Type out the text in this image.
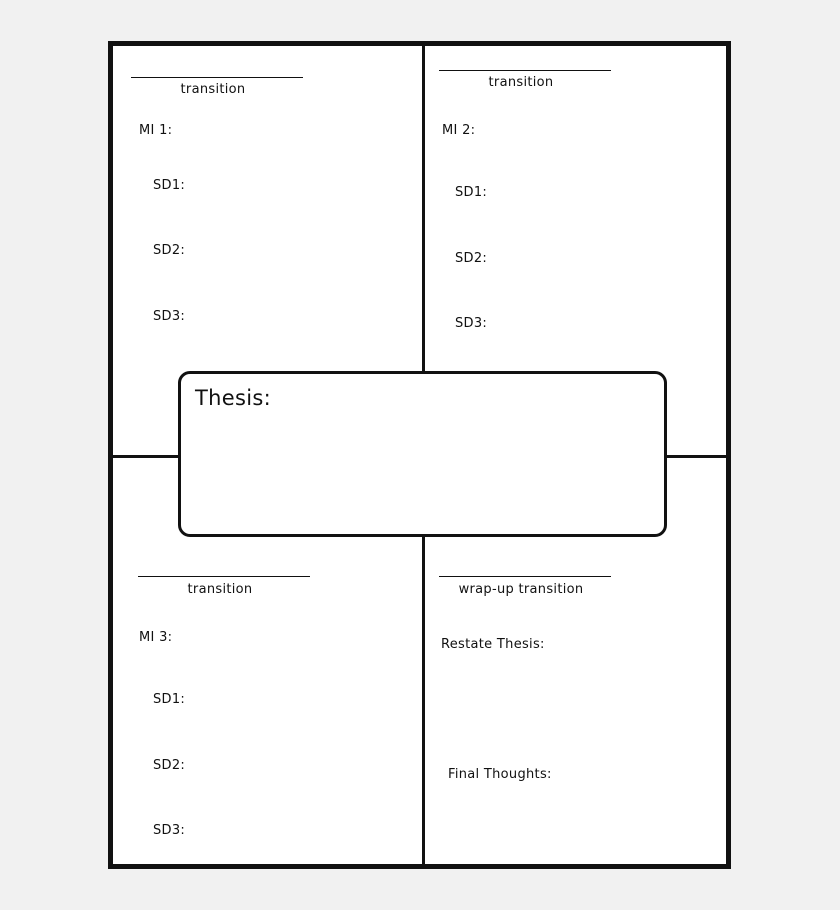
transition
MI 1:
SD1:
SD2:
SD3:
transition
MI 2:
SD1:
SD2:
SD3:
transition
MI 3:
SD1:
SD2:
SD3:
wrap-up transition
Restate Thesis:
Final Thoughts:
Thesis:
